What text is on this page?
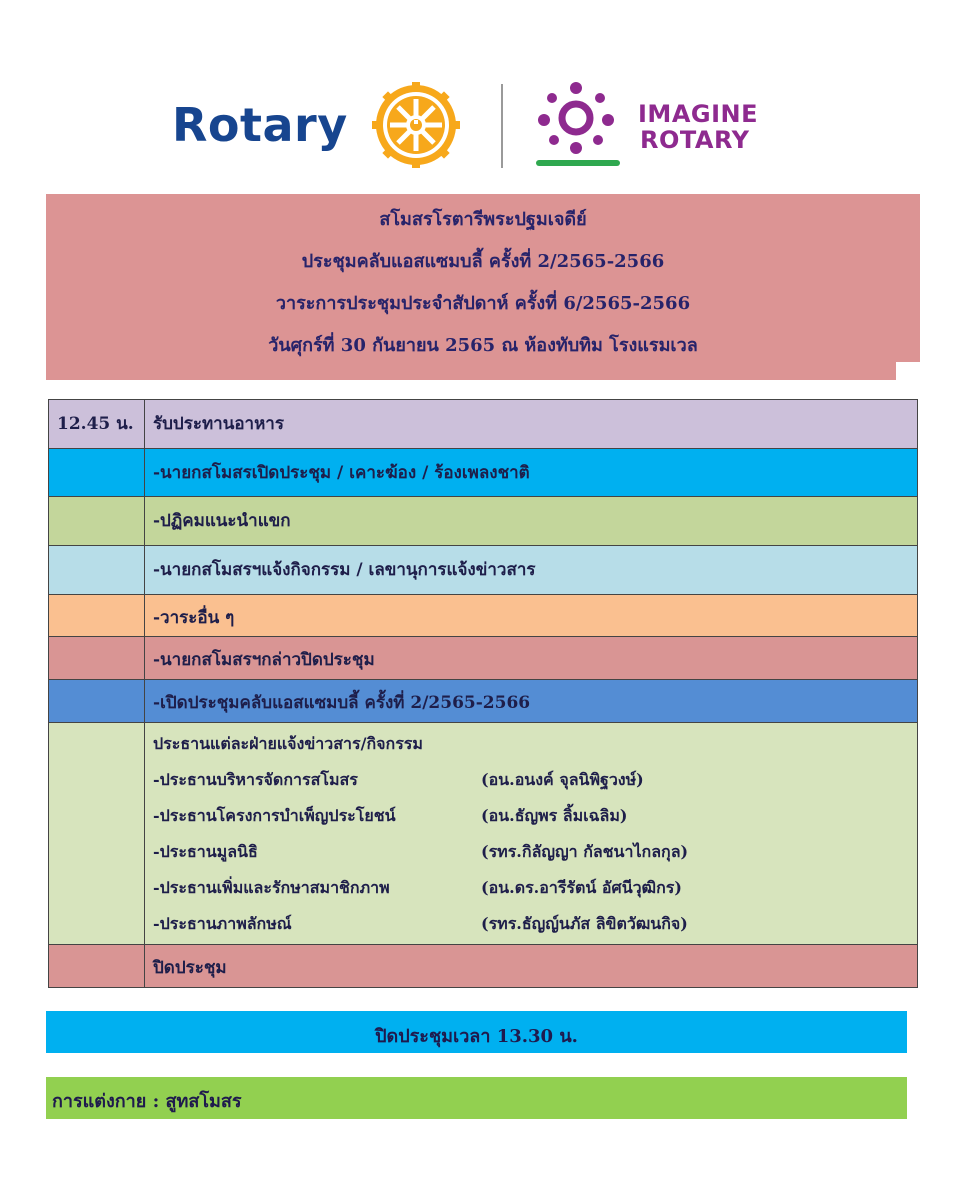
Rotary	IMAGINE
ROTARY
สโมสรโรตารีพระปฐมเจดีย์
ประชุมคลับแอสแซมบลี้ ครั้งที่ 2/2565-2566
วาระการประชุมประจำสัปดาห์ ครั้งที่ 6/2565-2566
วันศุกร์ที่ 30 กันยายน 2565 ณ ห้องทับทิม โรงแรมเวล
12.45 น.	รับประทานอาหาร
-นายกสโมสรเปิดประชุม / เคาะฆ้อง / ร้องเพลงชาติ
-ปฏิคมแนะนำแขก
-นายกสโมสรฯแจ้งกิจกรรม / เลขานุการแจ้งข่าวสาร
-วาระอื่น ๆ
-นายกสโมสรฯกล่าวปิดประชุม
-เปิดประชุมคลับแอสแซมบลี้ ครั้งที่ 2/2565-2566
ประธานแต่ละฝ่ายแจ้งข่าวสาร/กิจกรรม
-ประธานบริหารจัดการสโมสร	(อน.อนงค์ จุลนิพิฐวงษ์)
-ประธานโครงการบำเพ็ญประโยชน์	(อน.ธัญพร ลิ้มเฉลิม)
-ประธานมูลนิธิ	(รทร.กิลัญญา กัลชนาไกลกุล)
-ประธานเพิ่มและรักษาสมาชิกภาพ	(อน.ดร.อารีรัตน์ อัศนีวุฒิกร)
-ประธานภาพลักษณ์	(รทร.ธัญญ์นภัส ลิขิตวัฒนกิจ)
ปิดประชุม
ปิดประชุมเวลา 13.30 น.
การแต่งกาย : สูทสโมสร
